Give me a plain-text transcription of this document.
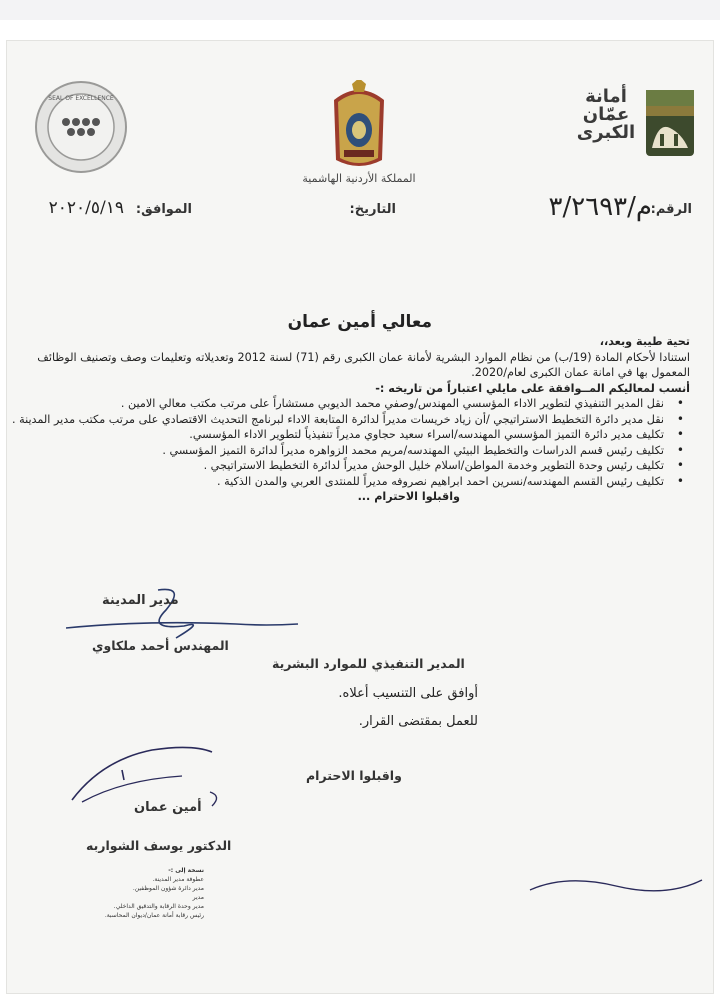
أمانة
عمّان
الكبرى
المملكة الأردنية الهاشمية
SEAL OF EXCELLENCE
الرقم:
م/٣/٢٦٩٣
التاريخ:
الموافق:
٢٠٢٠/٥/١٩
معالي أمين عمان

تحية طيبة وبعد،،

استنادا لأحكام المادة (19/ب) من نظام الموارد البشرية لأمانة عمان الكبرى رقم (71) لسنة 2012 وتعديلاته وتعليمات وصف وتصنيف الوظائف المعمول بها في امانة عمان الكبرى لعام/2020.

أنسب لمعاليكم المــوافقة على مايلي اعتباراً من تاريخه :-

• نقل المدير التنفيذي لتطوير الاداء المؤسسي المهندس/وصفي محمد الديوبي مستشاراً على مرتب مكتب معالي الامين .
• نقل مدير دائرة التخطيط الاستراتيجي /أن زياد خريسات مديراً لدائرة المتابعة الاداء لبرنامج التحديث الاقتصادي على مرتب مكتب مدير المدينة .
• تكليف مدير دائرة التميز المؤسسي المهندسه/اسراء سعيد حجاوي مديراً تنفيذياً لتطوير الاداء المؤسسي.
• تكليف رئيس قسم الدراسات والتخطيط البيئي المهندسه/مريم محمد الزواهره مديراً لدائرة التميز المؤسسي .
• تكليف رئيس وحدة التطوير وخدمة المواطن/اسلام خليل الوحش مديراً لدائرة التخطيط الاستراتيجي .
• تكليف رئيس القسم المهندسه/نسرين احمد ابراهيم نصروفه مديراً للمنتدى العربي والمدن الذكية .

واقبلوا الاحترام ...

مدير المدينة
المهندس أحمد ملكاوي
المدير التنفيذي للموارد البشرية
أوافق على التنسيب أعلاه.
للعمل بمقتضى القرار.
واقبلوا الاحترام
أمين عمان
الدكتور يوسف الشواربه
نسخة إلى :-
عطوفة مدير المدينة.
مدير دائرة شؤون الموظفين.
مدير
مدير وحدة الرقابة والتدقيق الداخلي.
رئيس رقابة أمانة عمان/ديوان المحاسبة.
